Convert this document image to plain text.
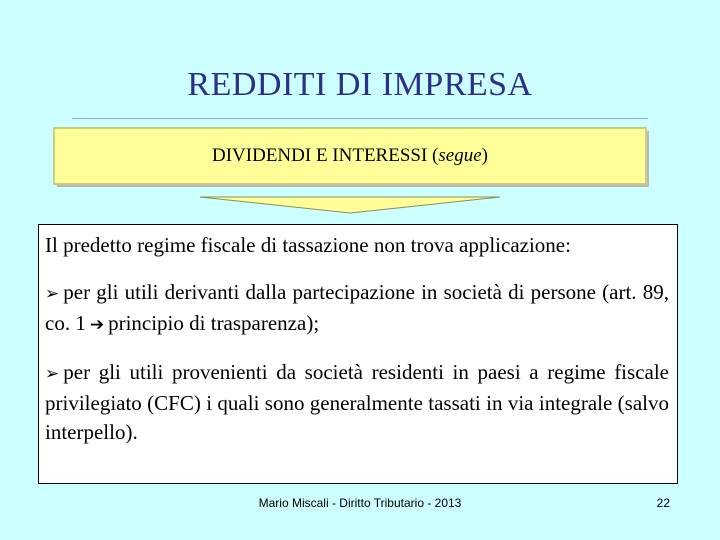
REDDITI DI IMPRESA
DIVIDENDI E INTERESSI (segue)

Il predetto regime fiscale di tassazione non trova applicazione:

➢ per gli utili derivanti dalla partecipazione in società di persone (art. 89, co. 1 ➔ principio di trasparenza);

➢ per gli utili provenienti da società residenti in paesi a regime fiscale privilegiato (CFC) i quali sono generalmente tassati in via integrale (salvo interpello).

Mario Miscali - Diritto Tributario - 2013	22
